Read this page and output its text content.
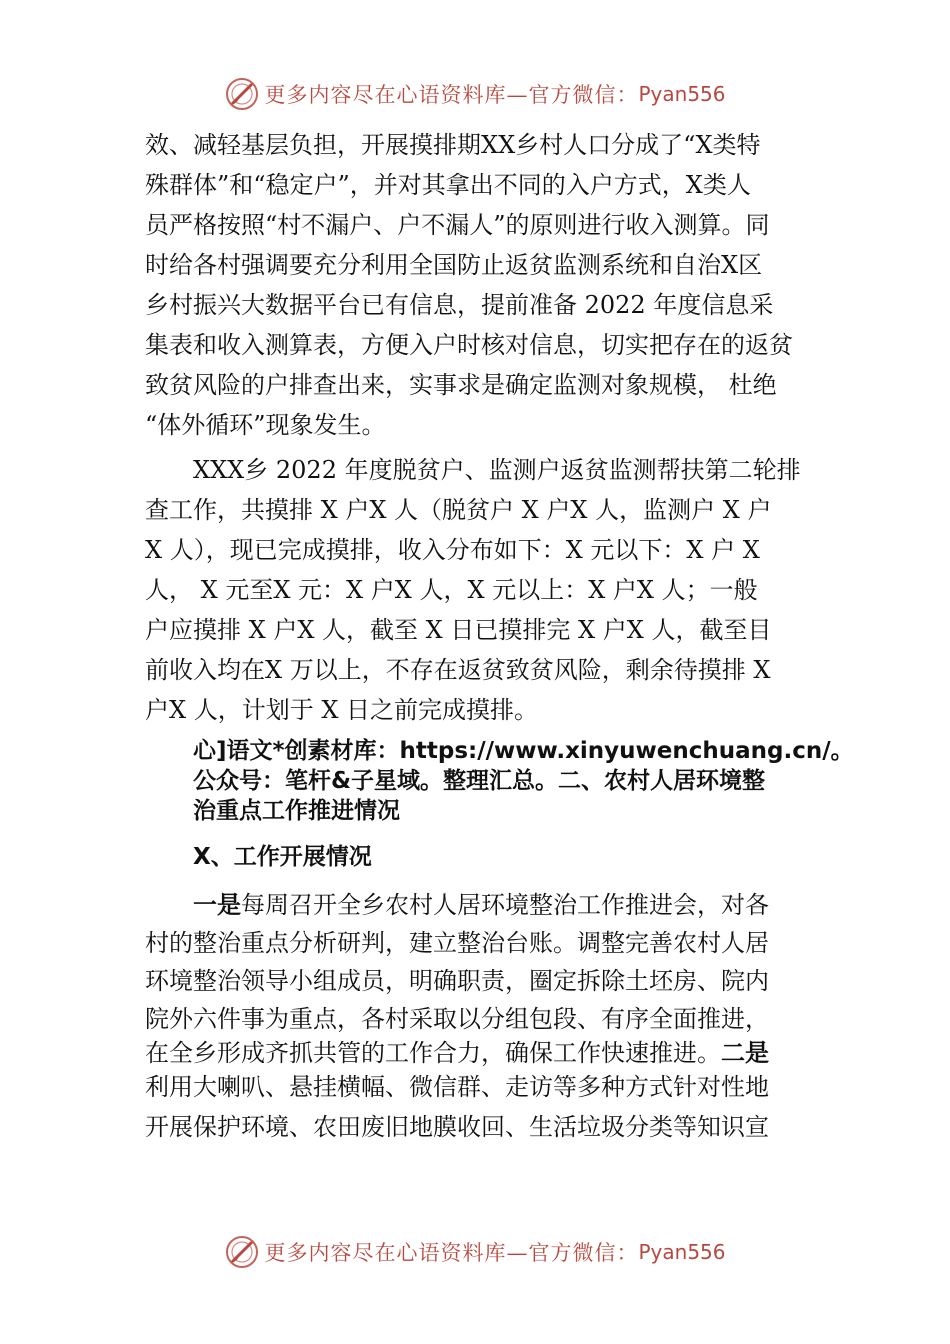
更多内容尽在心语资料库—官方微信： Pyan556
效、减轻基层负担，开展摸排期XX乡村人口分成了“X类特
殊群体”和“稳定户”，并对其拿出不同的入户方式，X类人
员严格按照“村不漏户、户不漏人”的原则进行收入测算。同
时给各村强调要充分利用全国防止返贫监测系统和自治X区
乡村振兴大数据平台已有信息，提前准备 2022 年度信息采
集表和收入测算表，方便入户时核对信息，切实把存在的返贫
致贫风险的户排查出来，实事求是确定监测对象规模， 杜绝
“体外循环”现象发生。
XXX乡 2022 年度脱贫户、监测户返贫监测帮扶第二轮排
查工作，共摸排 X 户X 人（脱贫户 X 户X 人，监测户 X 户
X 人），现已完成摸排，收入分布如下：X 元以下：X 户 X
人， X 元至X 元：X 户X 人，X 元以上：X 户X 人；一般
户应摸排 X 户X 人，截至 X 日已摸排完 X 户X 人，截至目
前收入均在X 万以上，不存在返贫致贫风险，剩余待摸排 X
户X 人，计划于 X 日之前完成摸排。
心]语文*创素材库：https://www.xinyuwenchuang.cn/。
公众号：笔杆&子星域。整理汇总。二、农村人居环境整
治重点工作推进情况
X、工作开展情况
一是每周召开全乡农村人居环境整治工作推进会，对各
村的整治重点分析研判，建立整治台账。调整完善农村人居
环境整治领导小组成员，明确职责，圈定拆除土坯房、院内
院外六件事为重点，各村采取以分组包段、有序全面推进，
在全乡形成齐抓共管的工作合力，确保工作快速推进。二是
利用大喇叭、悬挂横幅、微信群、走访等多种方式针对性地
开展保护环境、农田废旧地膜收回、生活垃圾分类等知识宣
更多内容尽在心语资料库—官方微信： Pyan556
